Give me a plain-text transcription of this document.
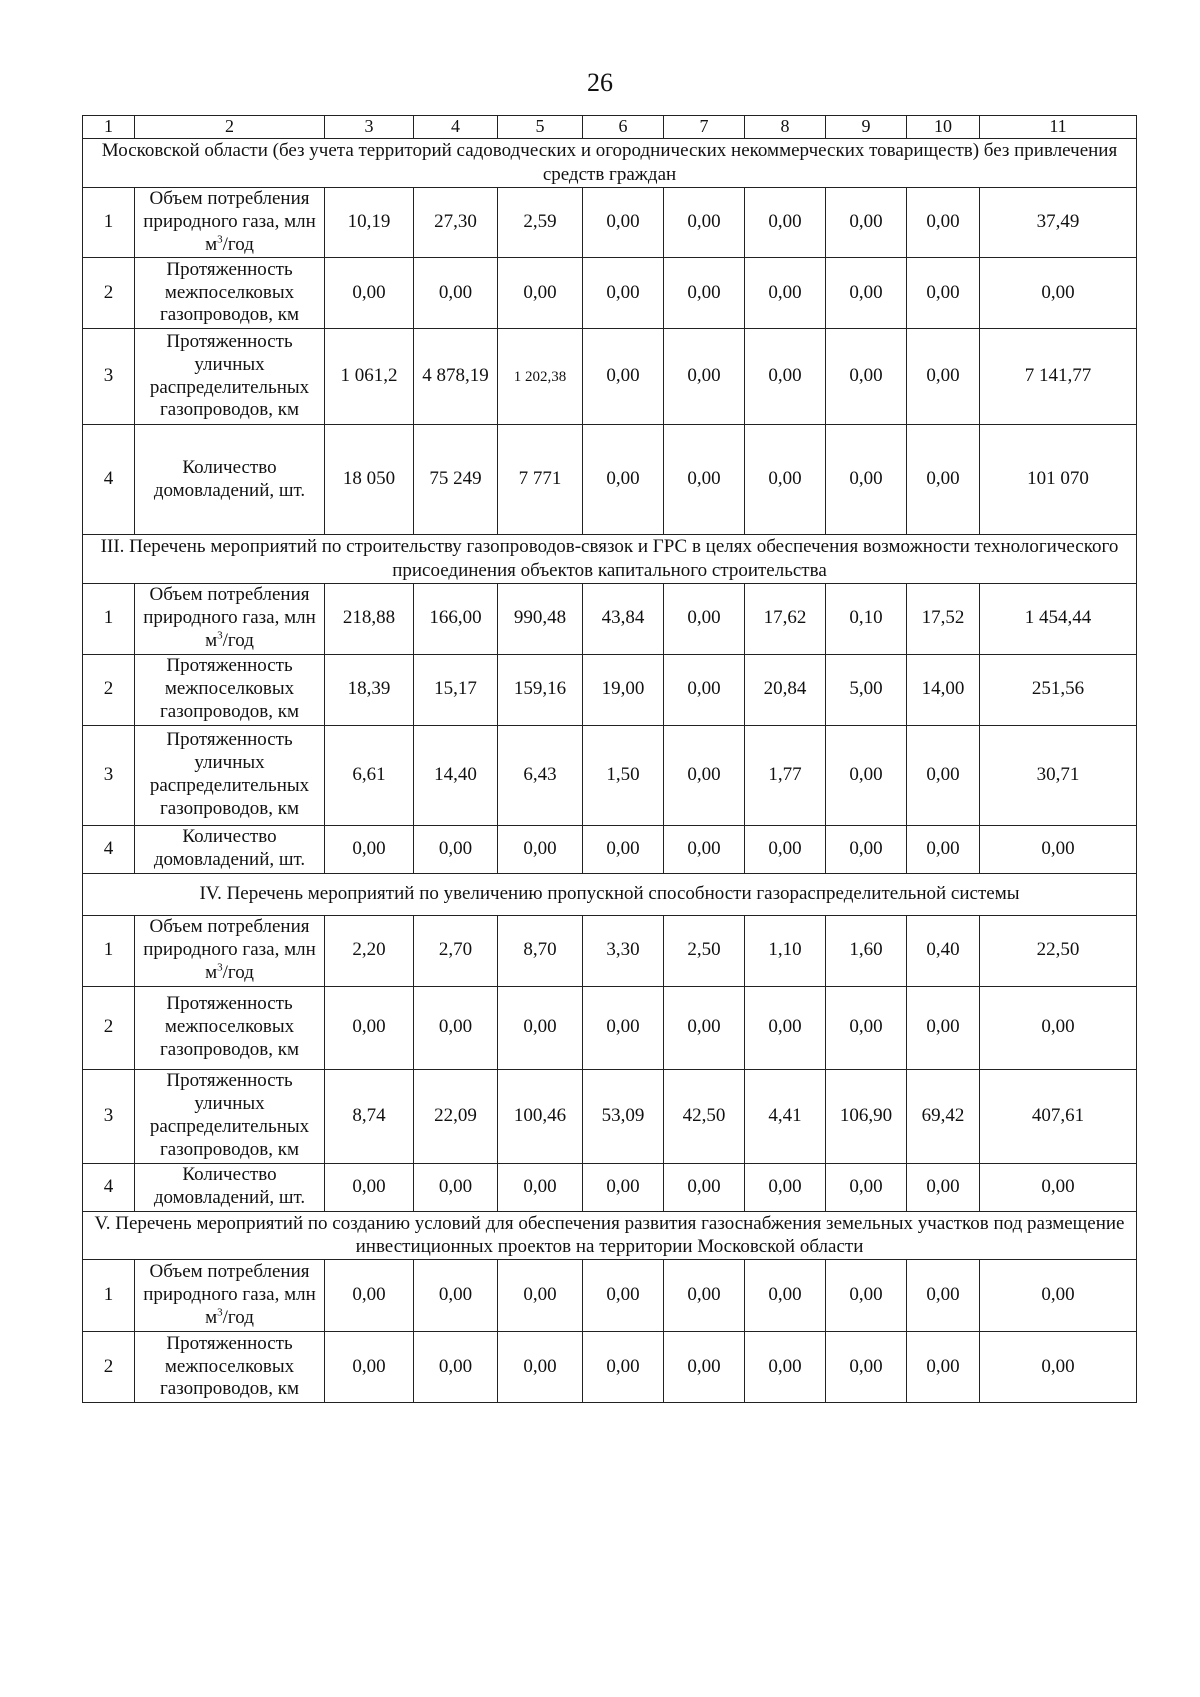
26
1	2	3	4	5	6	7	8	9	10	11
Московской области (без учета территорий садоводческих и огороднических некоммерческих товариществ) без привлечения средств граждан										
1	Объем потребления природного газа, млн $м^3$/год	10,19	27,30	2,59	0,00	0,00	0,00	0,00	0,00	37,49
2	Протяженность межпоселковых газопроводов, км	0,00	0,00	0,00	0,00	0,00	0,00	0,00	0,00	0,00
3	Протяженность уличных распределительных газопроводов, км	1 061,2	4 878,19	1 202,38	0,00	0,00	0,00	0,00	0,00	7 141,77
4	Количество домовладений, шт.	18 050	75 249	7 771	0,00	0,00	0,00	0,00	0,00	101 070
III. Перечень мероприятий по строительству газопроводов-связок и ГРС в целях обеспечения возможности технологического присоединения объектов капитального строительства										
1	Объем потребления природного газа, млн $м^3$/год	218,88	166,00	990,48	43,84	0,00	17,62	0,10	17,52	1 454,44
2	Протяженность межпоселковых газопроводов, км	18,39	15,17	159,16	19,00	0,00	20,84	5,00	14,00	251,56
3	Протяженность уличных распределительных газопроводов, км	6,61	14,40	6,43	1,50	0,00	1,77	0,00	0,00	30,71
4	Количество домовладений, шт.	0,00	0,00	0,00	0,00	0,00	0,00	0,00	0,00	0,00
IV. Перечень мероприятий по увеличению пропускной способности газораспределительной системы										
1	Объем потребления природного газа, млн $м^3$/год	2,20	2,70	8,70	3,30	2,50	1,10	1,60	0,40	22,50
2	Протяженность межпоселковых газопроводов, км	0,00	0,00	0,00	0,00	0,00	0,00	0,00	0,00	0,00
3	Протяженность уличных распределительных газопроводов, км	8,74	22,09	100,46	53,09	42,50	4,41	106,90	69,42	407,61
4	Количество домовладений, шт.	0,00	0,00	0,00	0,00	0,00	0,00	0,00	0,00	0,00
V. Перечень мероприятий по созданию условий для обеспечения развития газоснабжения земельных участков под размещение инвестиционных проектов на территории Московской области										
1	Объем потребления природного газа, млн $м^3$/год	0,00	0,00	0,00	0,00	0,00	0,00	0,00	0,00	0,00
2	Протяженность межпоселковых газопроводов, км	0,00	0,00	0,00	0,00	0,00	0,00	0,00	0,00	0,00
